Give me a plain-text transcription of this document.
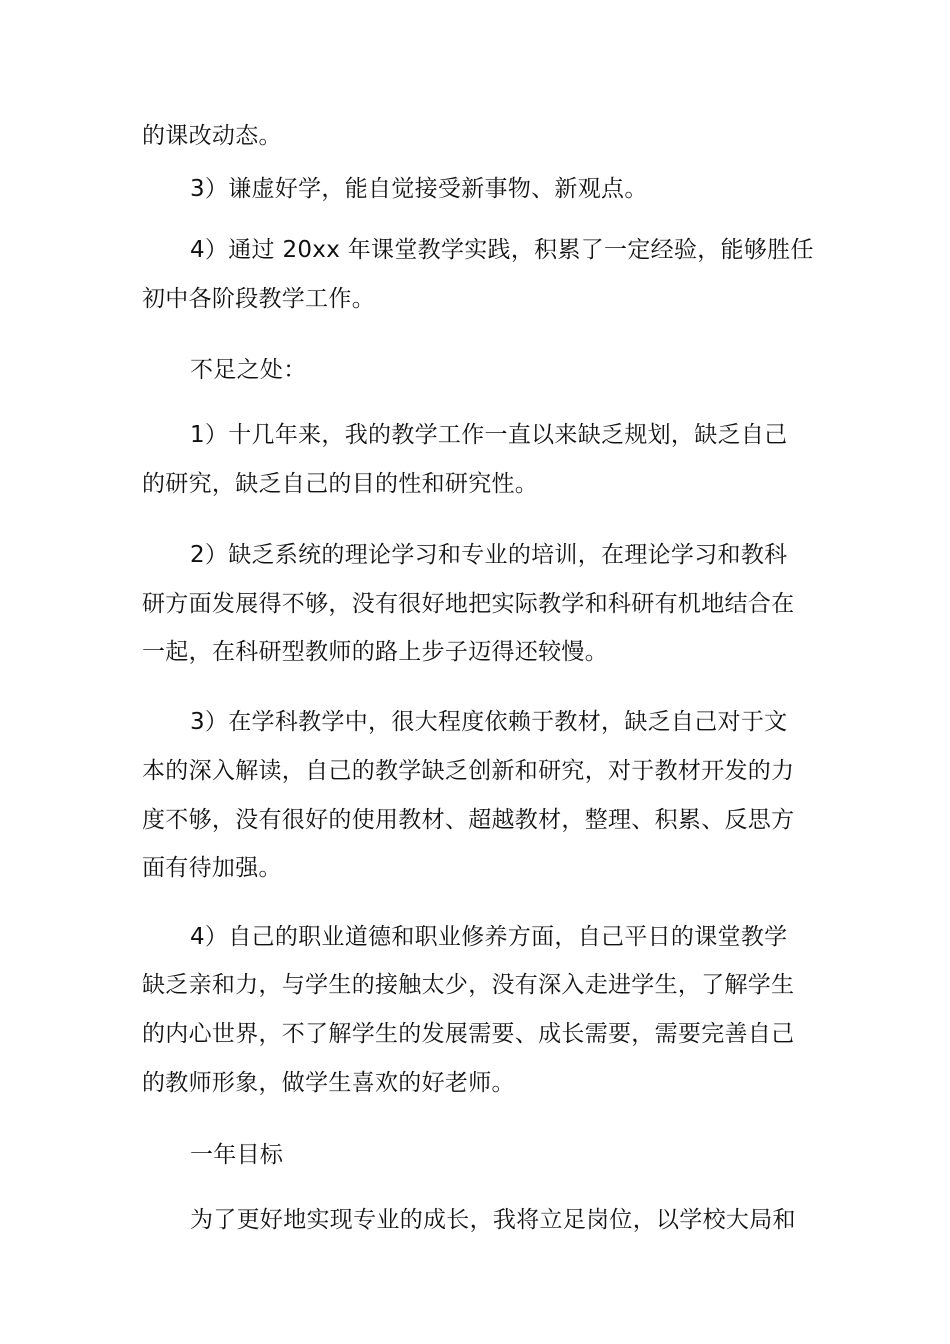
的课改动态。
3）谦虚好学，能自觉接受新事物、新观点。
4）通过 20xx 年课堂教学实践，积累了一定经验，能够胜任
初中各阶段教学工作。
不足之处：
1）十几年来，我的教学工作一直以来缺乏规划，缺乏自己
的研究，缺乏自己的目的性和研究性。
2）缺乏系统的理论学习和专业的培训，在理论学习和教科
研方面发展得不够，没有很好地把实际教学和科研有机地结合在
一起，在科研型教师的路上步子迈得还较慢。
3）在学科教学中，很大程度依赖于教材，缺乏自己对于文
本的深入解读，自己的教学缺乏创新和研究，对于教材开发的力
度不够，没有很好的使用教材、超越教材，整理、积累、反思方
面有待加强。
4）自己的职业道德和职业修养方面，自己平日的课堂教学
缺乏亲和力，与学生的接触太少，没有深入走进学生，了解学生
的内心世界，不了解学生的发展需要、成长需要，需要完善自己
的教师形象，做学生喜欢的好老师。
一年目标
为了更好地实现专业的成长，我将立足岗位，以学校大局和
